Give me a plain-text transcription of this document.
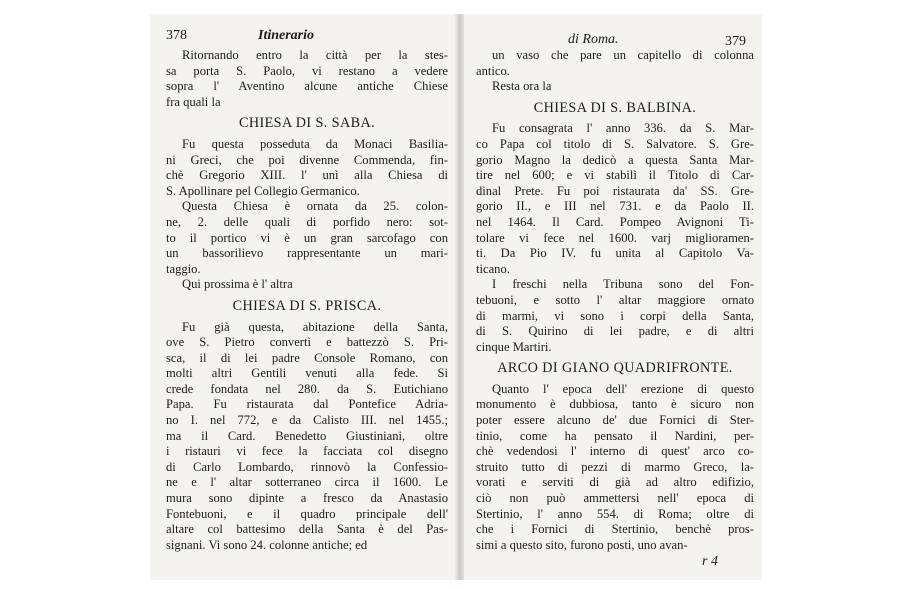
378	Itinerario
Ritornando entro la città per la stes-
sa porta S. Paolo, vi restano a vedere
sopra l' Aventino alcune antiche Chiese
fra quali la
CHIESA DI S. SABA.
Fu questa posseduta da Monaci Basilia-
ni Greci, che poi divenne Commenda, fin-
chè Gregorio XIII. l' unì alla Chiesa di
S. Apollinare pel Collegio Germanico.
Questa Chiesa è ornata da 25. colon-
ne, 2. delle quali di porfido nero: sot-
to il portico vi è un gran sarcofago con
un bassorilievo rappresentante un mari-
taggio.
Qui prossima è l' altra
CHIESA DI S. PRISCA.
Fu già questa, abitazione della Santa,
ove S. Pietro convertì e battezzò S. Pri-
sca, il di lei padre Console Romano, con
molti altri Gentili venuti alla fede. Si
crede fondata nel 280. da S. Eutichiano
Papa. Fu ristaurata dal Pontefice Adria-
no I. nel 772, e da Calisto III. nel 1455.;
ma il Card. Benedetto Giustiniani, oltre
i ristauri vi fece la facciata col disegno
di Carlo Lombardo, rinnovò la Confessio-
ne e l' altar sotterraneo circa il 1600. Le
mura sono dipinte a fresco da Anastasio
Fontebuoni, e il quadro principale dell'
altare col battesimo della Santa è del Pas-
signani. Vi sono 24. colonne antiche; ed
di Roma.	379
un vaso che pare un capitello di colonna
antico.
Resta ora la
CHIESA DI S. BALBINA.
Fu consagrata l' anno 336. da S. Mar-
co Papa col titolo di S. Salvatore. S. Gre-
gorio Magno la dedicò a questa Santa Mar-
tire nel 600; e vi stabilì il Titolo di Car-
dinal Prete. Fu poi ristaurata da' SS. Gre-
gorio II., e III nel 731. e da Paolo II.
nel 1464. Il Card. Pompeo Avignoni Ti-
tolare vi fece nel 1600. varj miglioramen-
ti. Da Pio IV. fu unita al Capitolo Va-
ticano.
I freschi nella Tribuna sono del Fon-
tebuoni, e sotto l' altar maggiore ornato
di marmi, vi sono i corpi della Santa,
di S. Quirino di lei padre, e di altri
cinque Martiri.
ARCO DI GIANO QUADRIFRONTE.
Quanto l' epoca dell' erezione di questo
monumento è dubbiosa, tanto è sicuro non
poter essere alcuno de' due Fornici di Ster-
tinio, come ha pensato il Nardini, per-
chè vedendosi l' interno di quest' arco co-
struito tutto di pezzi di marmo Greco, la-
vorati e serviti di già ad altro edifizio,
ciò non può ammettersi nell' epoca di
Stertinio, l' anno 554. di Roma; oltre di
che i Fornici di Stertinio, benchè pros-
simi a questo sito, furono posti, uno avan-
r 4
